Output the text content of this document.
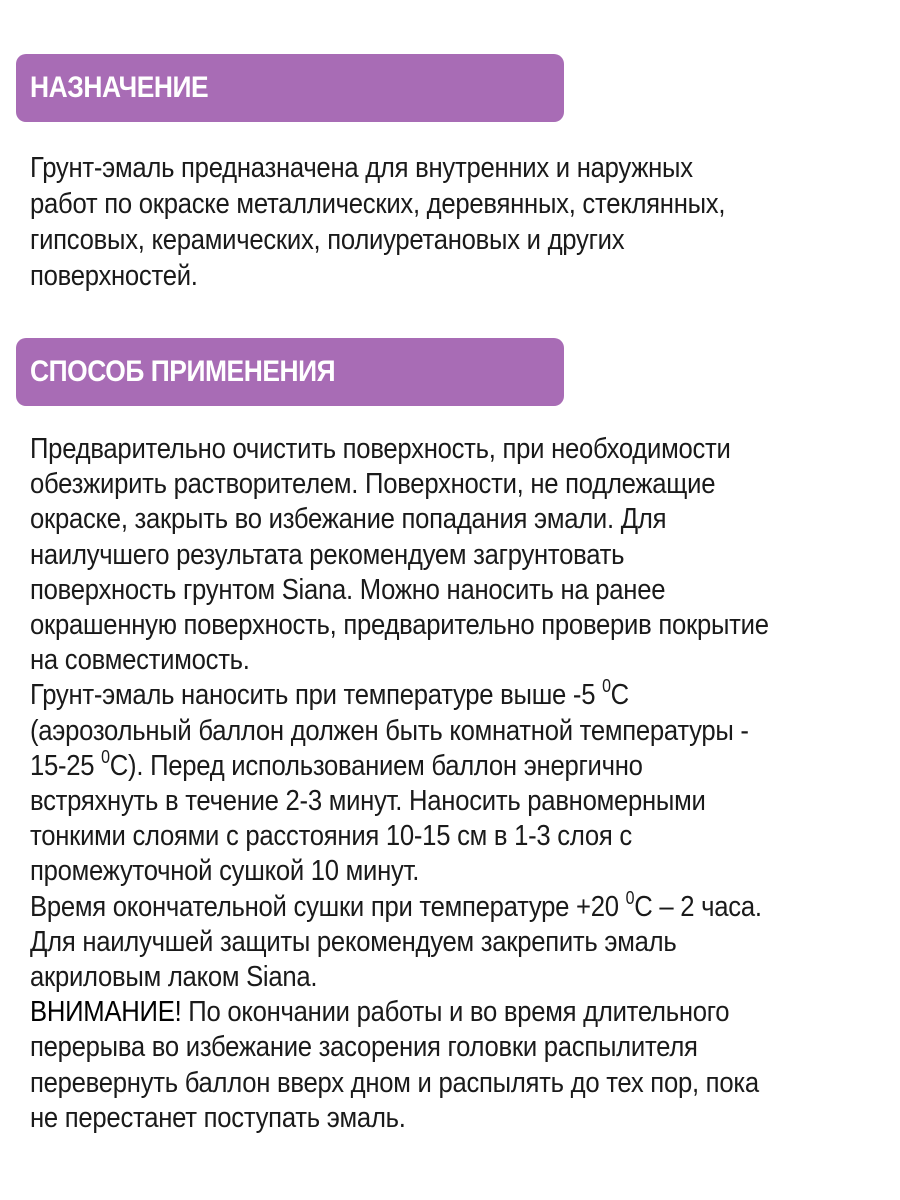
НАЗНАЧЕНИЕ

Грунт-эмаль предназначена для внутренних и наружных
работ по окраске металлических, деревянных, стеклянных,
гипсовых, керамических, полиуретановых и других
поверхностей.

СПОСОБ ПРИМЕНЕНИЯ

Предварительно очистить поверхность, при необходимости
обезжирить растворителем. Поверхности, не подлежащие
окраске, закрыть во избежание попадания эмали. Для
наилучшего результата рекомендуем загрунтовать
поверхность грунтом Siana. Можно наносить на ранее
окрашенную поверхность, предварительно проверив покрытие
на совместимость.

Грунт-эмаль наносить при температуре выше -5 $^0$С
(аэрозольный баллон должен быть комнатной температуры -
15-25 $^0$С). Перед использованием баллон энергично
встряхнуть в течение 2-3 минут. Наносить равномерными
тонкими слоями с расстояния 10-15 см в 1-3 слоя с
промежуточной сушкой 10 минут.

Время окончательной сушки при температуре +20 $^0$С – 2 часа.
Для наилучшей защиты рекомендуем закрепить эмаль
акриловым лаком Siana.

ВНИМАНИЕ! По окончании работы и во время длительного
перерыва во избежание засорения головки распылителя
перевернуть баллон вверх дном и распылять до тех пор, пока
не перестанет поступать эмаль.
